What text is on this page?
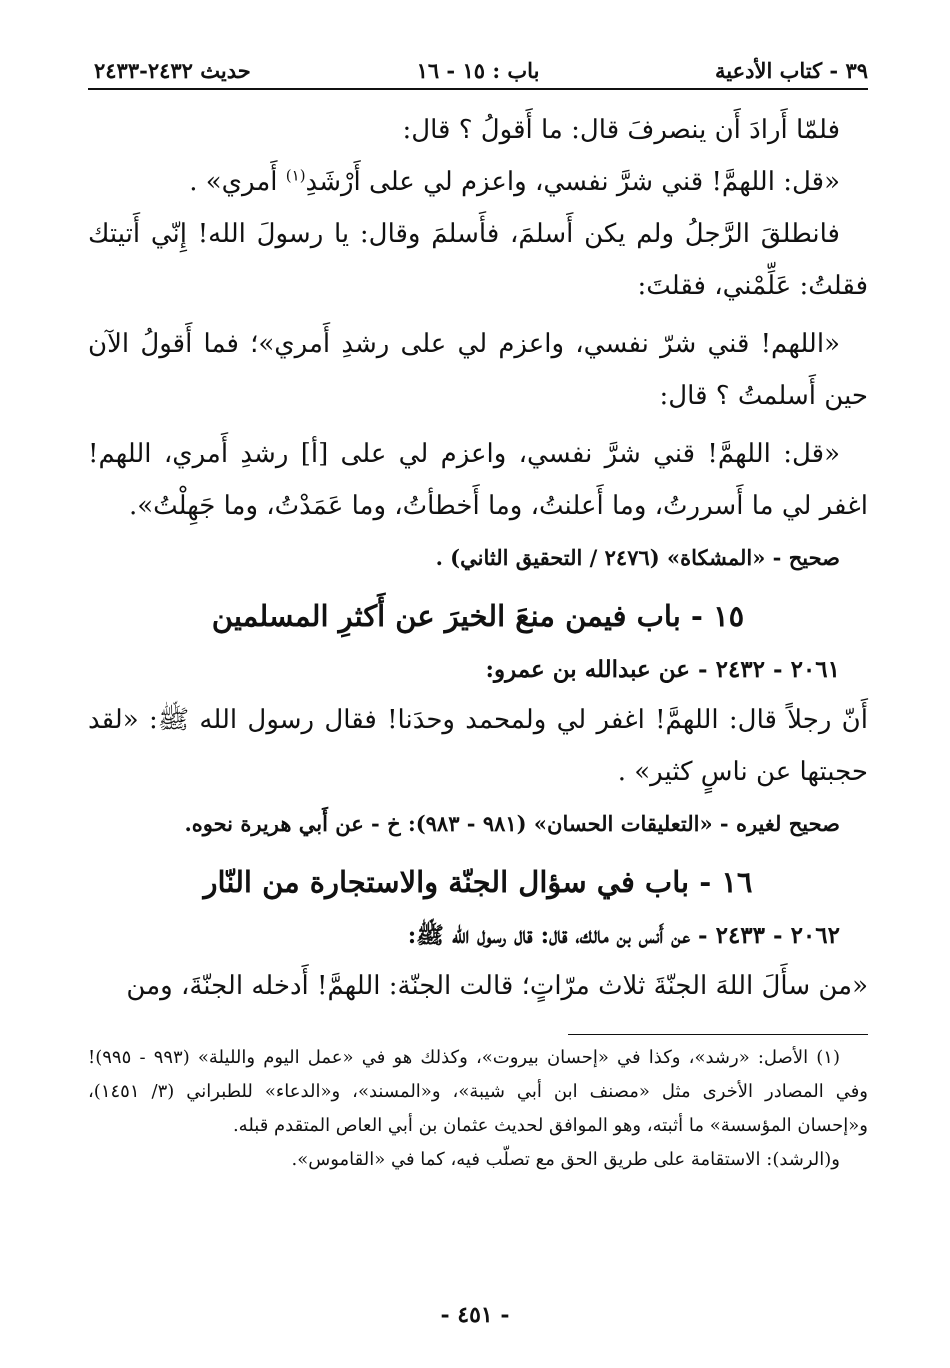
٣٩ - كتاب الأدعية
باب : ١٥ - ١٦
حديث ٢٤٣٢-٢٤٣٣

فلمّا أَرادَ أَن ينصرفَ قال: ما أَقولُ ؟ قال:

«قل: اللهمَّ! قني شرَّ نفسي، واعزم لي على أَرْشَدِ$^{(١)}$ أَمري» .

فانطلقَ الرَّجلُ ولم يكن أَسلمَ، فأَسلمَ وقال: يا رسولَ الله! إِنّي أَتيتك فقلتُ: عَلِّمْني، فقلتَ:

«اللهم! قني شرّ نفسي، واعزم لي على رشدِ أَمري»؛ فما أَقولُ الآن حين أَسلمتُ ؟ قال:

«قل: اللهمَّ! قني شرَّ نفسي، واعزم لي على [أ] رشدِ أَمري، اللهم! اغفر لي ما أَسررتُ، وما أَعلنتُ، وما أَخطأتُ، وما عَمَدْتُ، وما جَهِلْتُ».

صحيح - «المشكاة» (٢٤٧٦ / التحقيق الثاني) .

١٥ - باب فيمن منعَ الخيرَ عن أَكثرِ المسلمين

٢٠٦١ - ٢٤٣٢ - عن عبدالله بن عمرو:

أَنّ رجلاً قال: اللهمَّ! اغفر لي ولمحمد وحدَنا! فقال رسول الله ﷺ: «لقد حجبتها عن ناسٍ كثير» .

صحيح لغيره - «التعليقات الحسان» (٩٨١ - ٩٨٣): خ - عن أَبي هريرة نحوه.

١٦ - باب في سؤال الجنّة والاستجارة من النّار

٢٠٦٢ - ٢٤٣٣ - عن أَنس بن مالك، قال: قال رسول الله ﷺ:

«من سأَلَ اللهَ الجنّةَ ثلاث مرّاتٍ؛ قالت الجنّة: اللهمَّ! أَدخله الجنّةَ، ومن

(١) الأصل: «رشد»، وكذا في «إحسان بيروت»، وكذلك هو في «عمل اليوم والليلة» (٩٩٣ - ٩٩٥)! وفي المصادر الأخرى مثل «مصنف ابن أبي شيبة»، و«المسند»، و«الدعاء» للطبراني (٣/ ١٤٥١)، و«إحسان المؤسسة» ما أثبته، وهو الموافق لحديث عثمان بن أبي العاص المتقدم قبله.

و(الرشد): الاستقامة على طريق الحق مع تصلّب فيه، كما في «القاموس».

- ٤٥١ -
